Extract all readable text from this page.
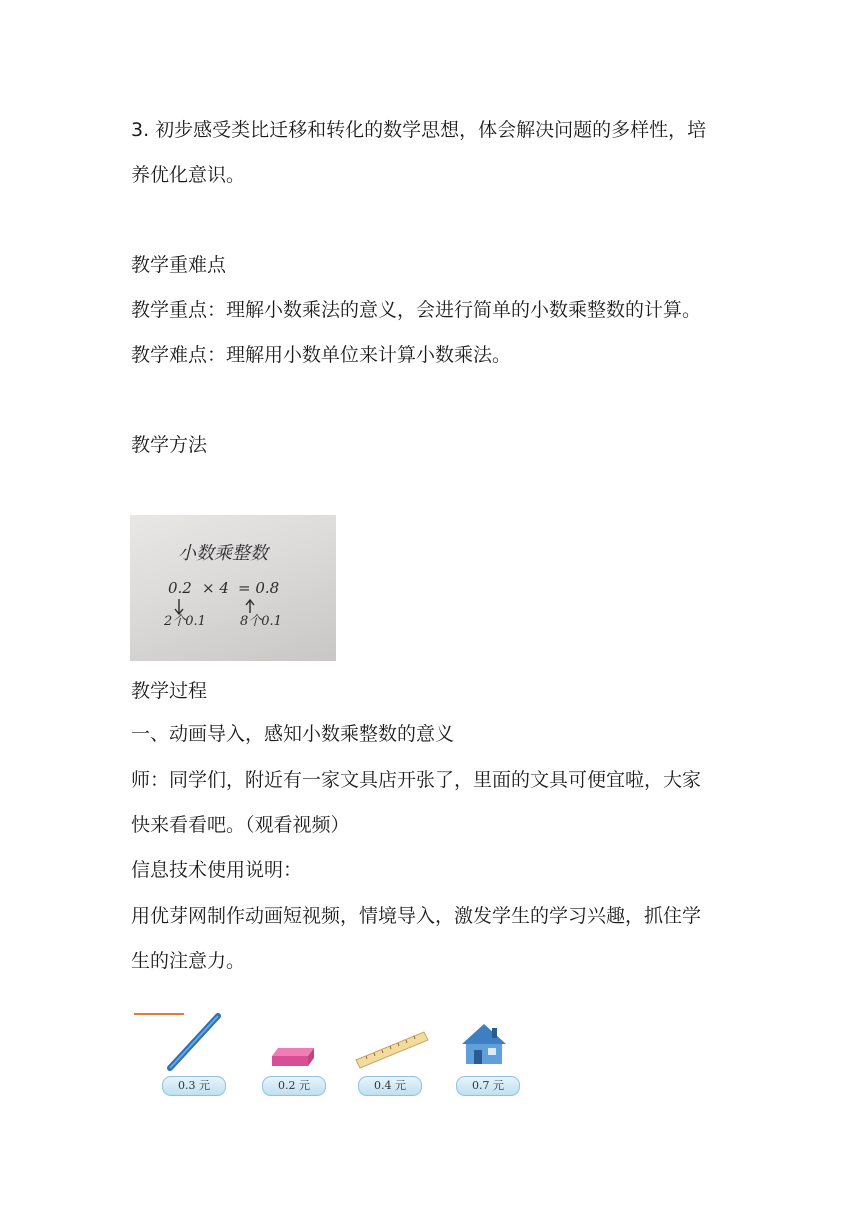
3. 初步感受类比迁移和转化的数学思想，体会解决问题的多样性，培
养优化意识。
教学重难点
教学重点：理解小数乘法的意义，会进行简单的小数乘整数的计算。
教学难点：理解用小数单位来计算小数乘法。
教学方法
小数乘整数
0.2 × 4 = 0.8
2个0.1	8个0.1
教学过程
一、动画导入，感知小数乘整数的意义
师：同学们，附近有一家文具店开张了，里面的文具可便宜啦，大家
快来看看吧。（观看视频）
信息技术使用说明：
用优芽网制作动画短视频，情境导入，激发学生的学习兴趣，抓住学
生的注意力。
0.3 元	0.2 元	0.4 元	0.7 元
